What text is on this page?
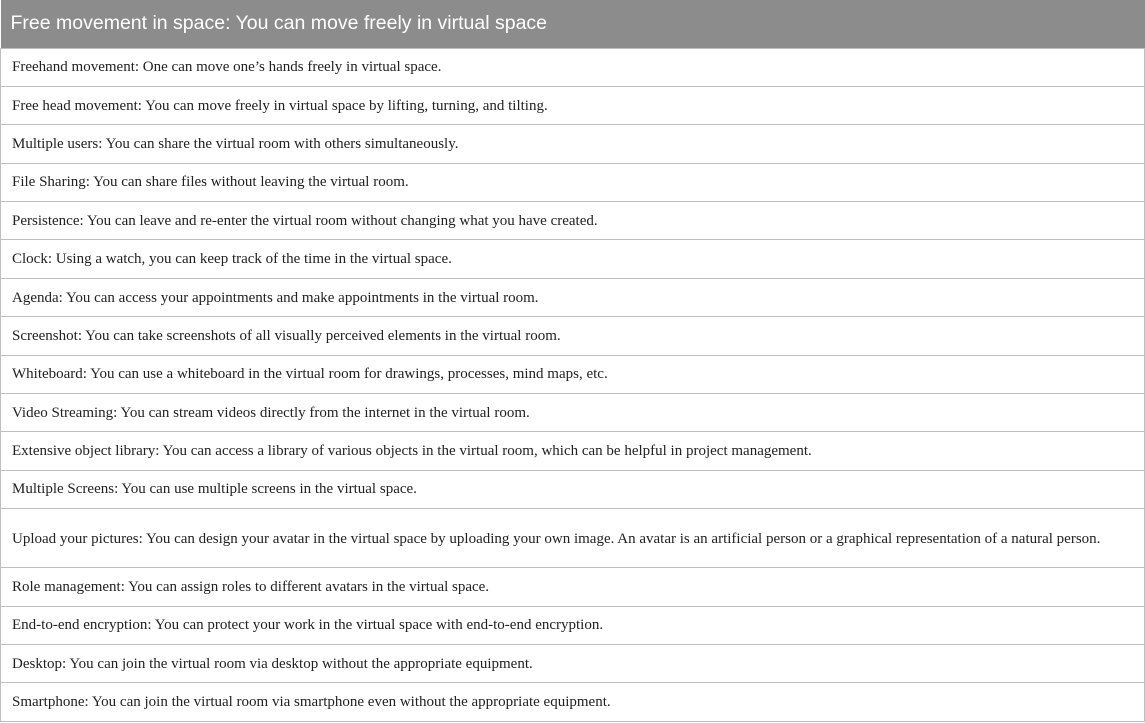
Free movement in space: You can move freely in virtual space
Freehand movement: One can move one’s hands freely in virtual space.
Free head movement: You can move freely in virtual space by lifting, turning, and tilting.
Multiple users: You can share the virtual room with others simultaneously.
File Sharing: You can share files without leaving the virtual room.
Persistence: You can leave and re-enter the virtual room without changing what you have created.
Clock: Using a watch, you can keep track of the time in the virtual space.
Agenda: You can access your appointments and make appointments in the virtual room.
Screenshot: You can take screenshots of all visually perceived elements in the virtual room.
Whiteboard: You can use a whiteboard in the virtual room for drawings, processes, mind maps, etc.
Video Streaming: You can stream videos directly from the internet in the virtual room.
Extensive object library: You can access a library of various objects in the virtual room, which can be helpful in project management.
Multiple Screens: You can use multiple screens in the virtual space.
Upload your pictures: You can design your avatar in the virtual space by uploading your own image. An avatar is an artificial person or a graphical representation of a natural person.
Role management: You can assign roles to different avatars in the virtual space.
End-to-end encryption: You can protect your work in the virtual space with end-to-end encryption.
Desktop: You can join the virtual room via desktop without the appropriate equipment.
Smartphone: You can join the virtual room via smartphone even without the appropriate equipment.
